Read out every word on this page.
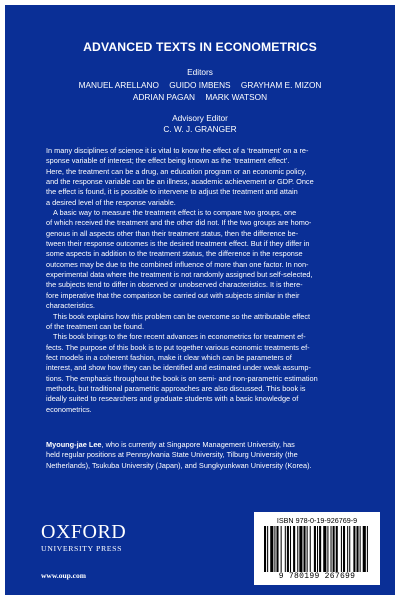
ADVANCED TEXTS IN ECONOMETRICS
Editors
MANUEL ARELLANO GUIDO IMBENS GRAYHAM E. MIZON
ADRIAN PAGAN MARK WATSON
Advisory Editor
C. W. J. GRANGER
In many disciplines of science it is vital to know the effect of a ‘treatment’ on a re-
sponse variable of interest; the effect being known as the ‘treatment effect’.
Here, the treatment can be a drug, an education program or an economic policy,
and the response variable can be an illness, academic achievement or GDP. Once
the effect is found, it is possible to intervene to adjust the treatment and attain
a desired level of the response variable.
A basic way to measure the treatment effect is to compare two groups, one
of which received the treatment and the other did not. If the two groups are homo-
genous in all aspects other than their treatment status, then the difference be-
tween their response outcomes is the desired treatment effect. But if they differ in
some aspects in addition to the treatment status, the difference in the response
outcomes may be due to the combined influence of more than one factor. In non-
experimental data where the treatment is not randomly assigned but self-selected,
the subjects tend to differ in observed or unobserved characteristics. It is there-
fore imperative that the comparison be carried out with subjects similar in their
characteristics.
This book explains how this problem can be overcome so the attributable effect
of the treatment can be found.
This book brings to the fore recent advances in econometrics for treatment ef-
fects. The purpose of this book is to put together various economic treatments ef-
fect models in a coherent fashion, make it clear which can be parameters of
interest, and show how they can be identified and estimated under weak assump-
tions. The emphasis throughout the book is on semi- and non-parametric estimation
methods, but traditional parametric approaches are also discussed. This book is
ideally suited to researchers and graduate students with a basic knowledge of
econometrics.
Myoung-jae Lee, who is currently at Singapore Management University, has
held regular positions at Pennsylvania State University, Tilburg University (the
Netherlands), Tsukuba University (Japan), and Sungkyunkwan University (Korea).
OXFORD
UNIVERSITY PRESS
www.oup.com
ISBN 978-0-19-926769-9
9 780199 267699
